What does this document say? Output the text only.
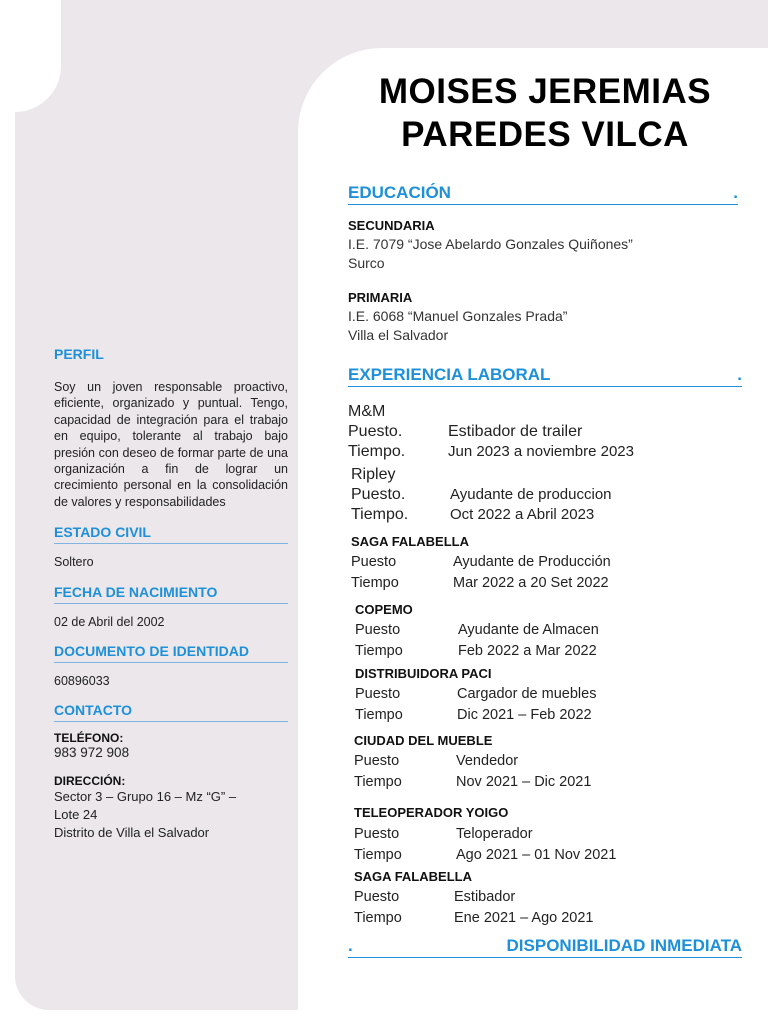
PERFIL
Soy un joven responsable proactivo, eficiente, organizado y puntual. Tengo, capacidad de integración para el trabajo en equipo, tolerante al trabajo bajo presión con deseo de formar parte de una organización a fin de lograr un crecimiento personal en la consolidación de valores y responsabilidades
ESTADO CIVIL
Soltero
FECHA DE NACIMIENTO
02 de Abril del 2002
DOCUMENTO DE IDENTIDAD
60896033
CONTACTO
TELÉFONO:
983 972 908
DIRECCIÓN:
Sector 3 – Grupo 16 – Mz “G” –
Lote 24
Distrito de Villa el Salvador
MOISES JEREMIAS
PAREDES VILCA
EDUCACIÓN	.
SECUNDARIA
I.E. 7079 “Jose Abelardo Gonzales Quiñones”
Surco
PRIMARIA
I.E. 6068 “Manuel Gonzales Prada”
Villa el Salvador
EXPERIENCIA LABORAL	.
M&M
Puesto.	Estibador de trailer
Tiempo.	Jun 2023 a noviembre 2023
Ripley
Puesto.	Ayudante de produccion
Tiempo.	Oct 2022 a Abril 2023
SAGA FALABELLA
Puesto	Ayudante de Producción
Tiempo	Mar 2022 a 20 Set 2022
COPEMO
Puesto	Ayudante de Almacen
Tiempo	Feb 2022 a Mar 2022
DISTRIBUIDORA PACI
Puesto	Cargador de muebles
Tiempo	Dic 2021 – Feb 2022
CIUDAD DEL MUEBLE
Puesto	Vendedor
Tiempo	Nov 2021 – Dic 2021
TELEOPERADOR YOIGO
Puesto	Teloperador
Tiempo	Ago 2021 – 01 Nov 2021
SAGA FALABELLA
Puesto	Estibador
Tiempo	Ene 2021 – Ago 2021
.	DISPONIBILIDAD INMEDIATA
